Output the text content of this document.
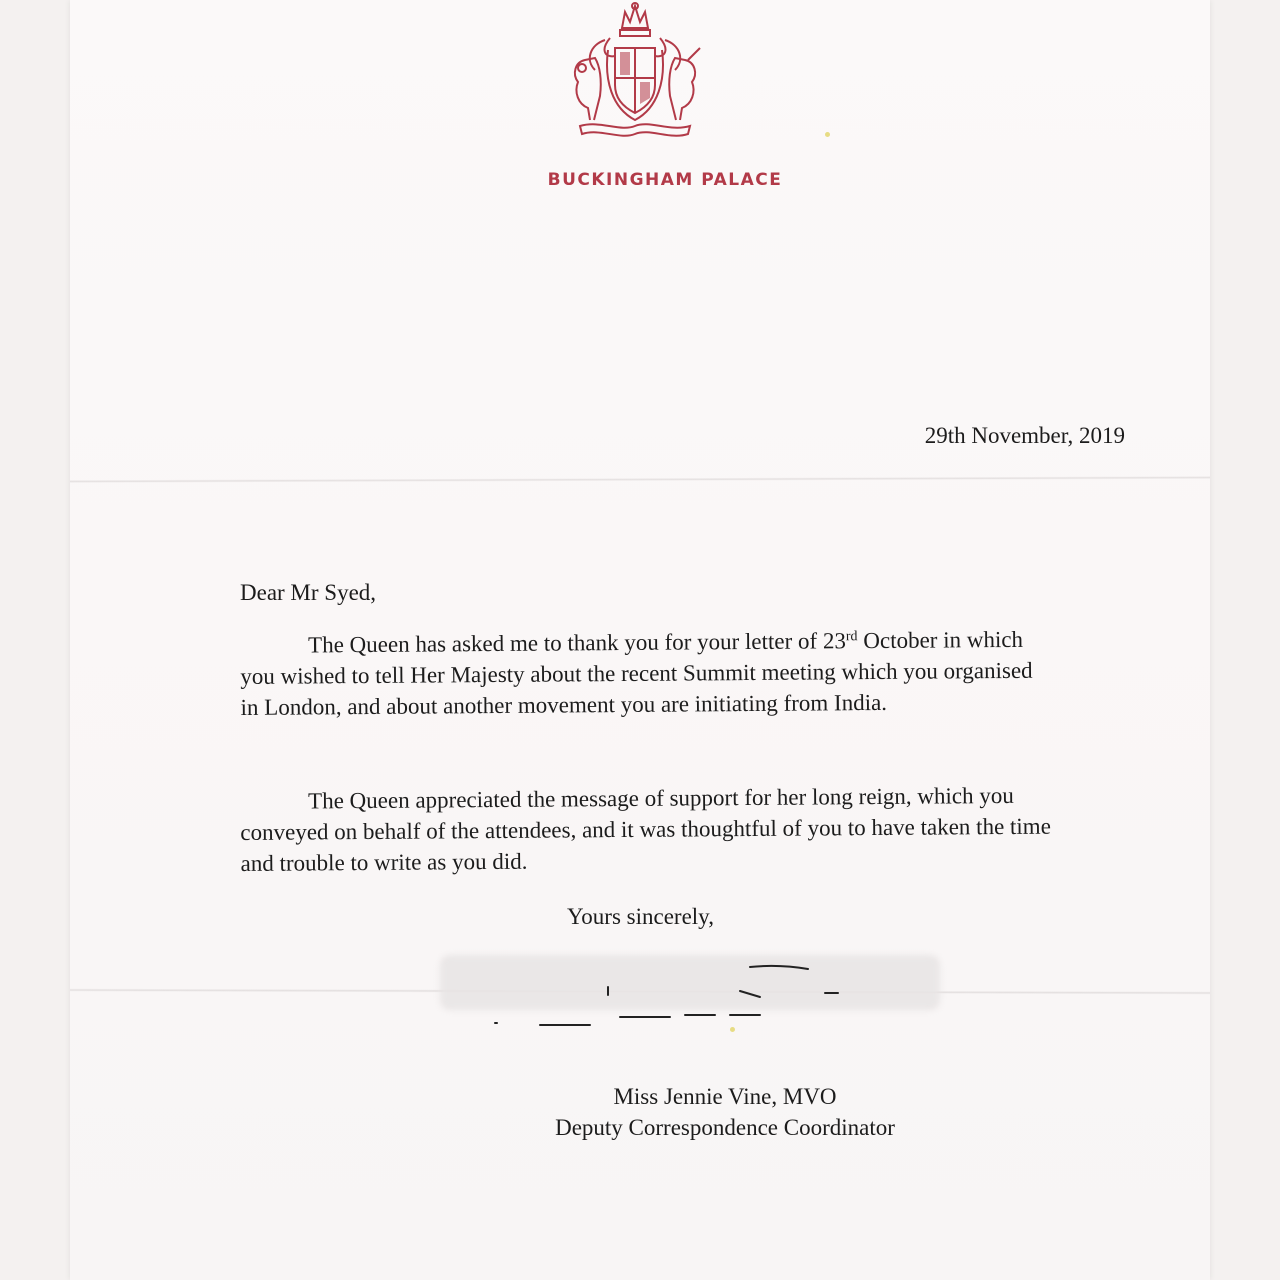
BUCKINGHAM PALACE
29th November, 2019
Dear Mr Syed,

The Queen has asked me to thank you for your letter of 23rd October in which you wished to tell Her Majesty about the recent Summit meeting which you organised in London, and about another movement you are initiating from India.

The Queen appreciated the message of support for her long reign, which you conveyed on behalf of the attendees, and it was thoughtful of you to have taken the time and trouble to write as you did.

Yours sincerely,
Miss Jennie Vine, MVO
Deputy Correspondence Coordinator
